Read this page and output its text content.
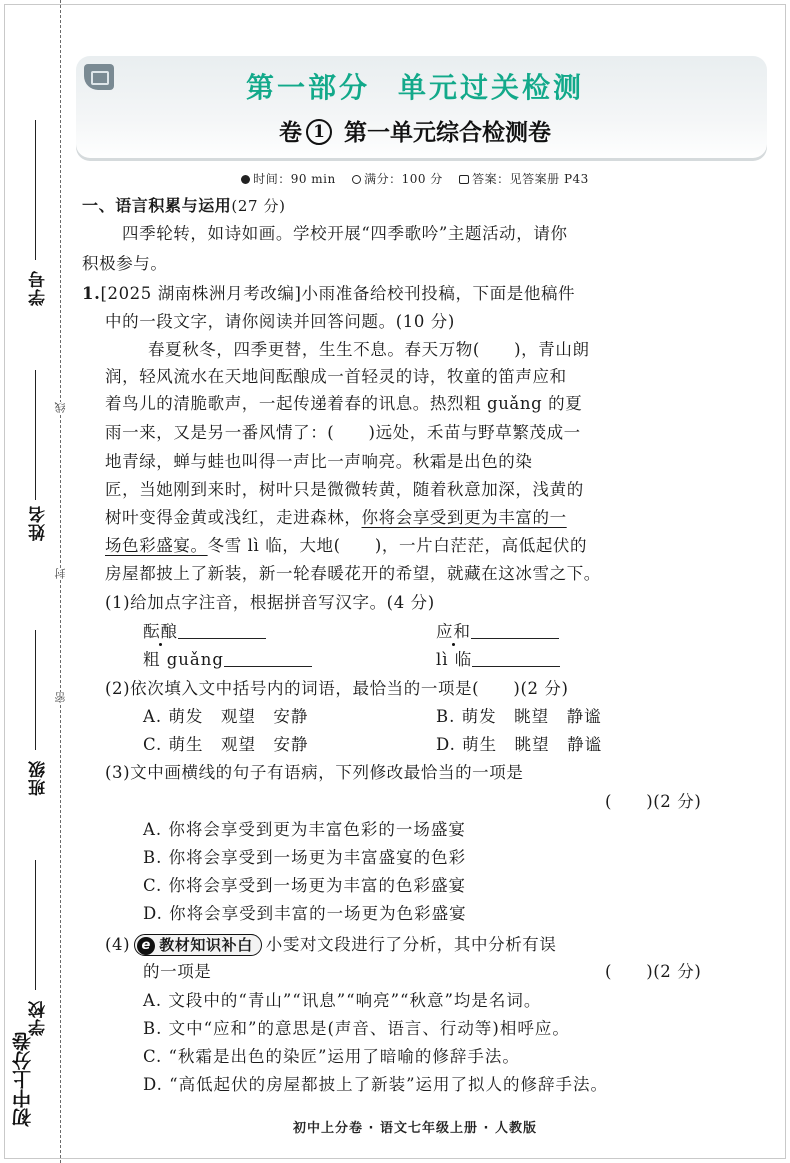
学号
姓名
班级
学校
线
封
密
初中上分卷
第一部分 单元过关检测
卷 1 第一单元综合检测卷
时间：90 min 满分：100 分 答案：见答案册 P43
一、语言积累与运用(27 分)
四季轮转，如诗如画。学校开展“四季歌吟”主题活动，请你
积极参与。
1.[2025 湖南株洲月考改编]小雨准备给校刊投稿，下面是他稿件
中的一段文字，请你阅读并回答问题。(10 分)
春夏秋冬，四季更替，生生不息。春天万物(　　)，青山朗
润，轻风流水在天地间酝酿成一首轻灵的诗，牧童的笛声应和
着鸟儿的清脆歌声，一起传递着春的讯息。热烈粗 guǎng 的夏
雨一来，又是另一番风情了：(　　)远处，禾苗与野草繁茂成一
地青绿，蝉与蛙也叫得一声比一声响亮。秋霜是出色的染
匠，当她刚到来时，树叶只是微微转黄，随着秋意加深，浅黄的
树叶变得金黄或浅红，走进森林，你将会享受到更为丰富的一
场色彩盛宴。冬雪 lì 临，大地(　　)，一片白茫茫，高低起伏的
房屋都披上了新装，新一轮春暖花开的希望，就藏在这冰雪之下。
(1)给加点字注音，根据拼音写汉字。(4 分)
酝酿	应和
粗 guǎng	lì 临
(2)依次填入文中括号内的词语，最恰当的一项是(　　)(2 分)
A. 萌发　观望　安静	B. 萌发　眺望　静谧
C. 萌生　观望　安静	D. 萌生　眺望　静谧
(3)文中画横线的句子有语病，下列修改最恰当的一项是
(　　)(2 分)
A. 你将会享受到更为丰富色彩的一场盛宴
B. 你将会享受到一场更为丰富盛宴的色彩
C. 你将会享受到一场更为丰富的色彩盛宴
D. 你将会享受到丰富的一场更为色彩盛宴
(4) e 教材知识补白 小雯对文段进行了分析，其中分析有误
的一项是	(　　)(2 分)
A. 文段中的“青山”“讯息”“响亮”“秋意”均是名词。
B. 文中“应和”的意思是(声音、语言、行动等)相呼应。
C. “秋霜是出色的染匠”运用了暗喻的修辞手法。
D. “高低起伏的房屋都披上了新装”运用了拟人的修辞手法。
初中上分卷 · 语文七年级上册 · 人教版
